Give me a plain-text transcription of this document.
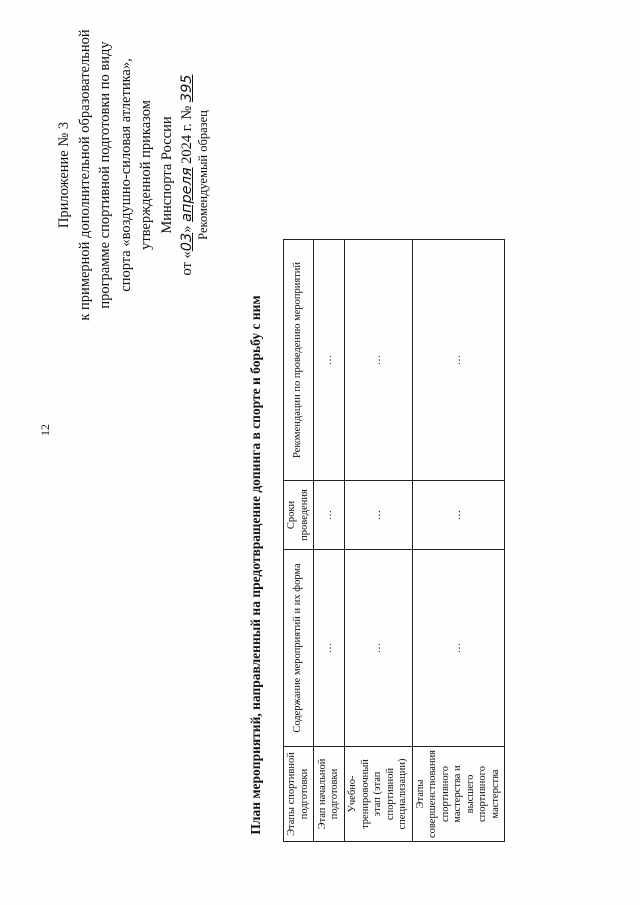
12
Приложение № 3 к примерной дополнительной образовательной программе спортивной подготовки по виду спорта «воздушно-силовая атлетика», утвержденной приказом Минспорта России
от «03» апреля 2024 г. № 395
Рекомендуемый образец
План мероприятий, направленный на предотвращение допинга в спорте и борьбу с ним Этапы спортивной подготовки	Содержание мероприятий и их форма	Сроки проведения	Рекомендации по проведению мероприятий
Этап начальной подготовки	…	…	…
Учебно-тренировочный этап (этап спортивной специализации)	…	…	…
Этапы совершенствования спортивного мастерства и высшего спортивного мастерства	…	…	…
